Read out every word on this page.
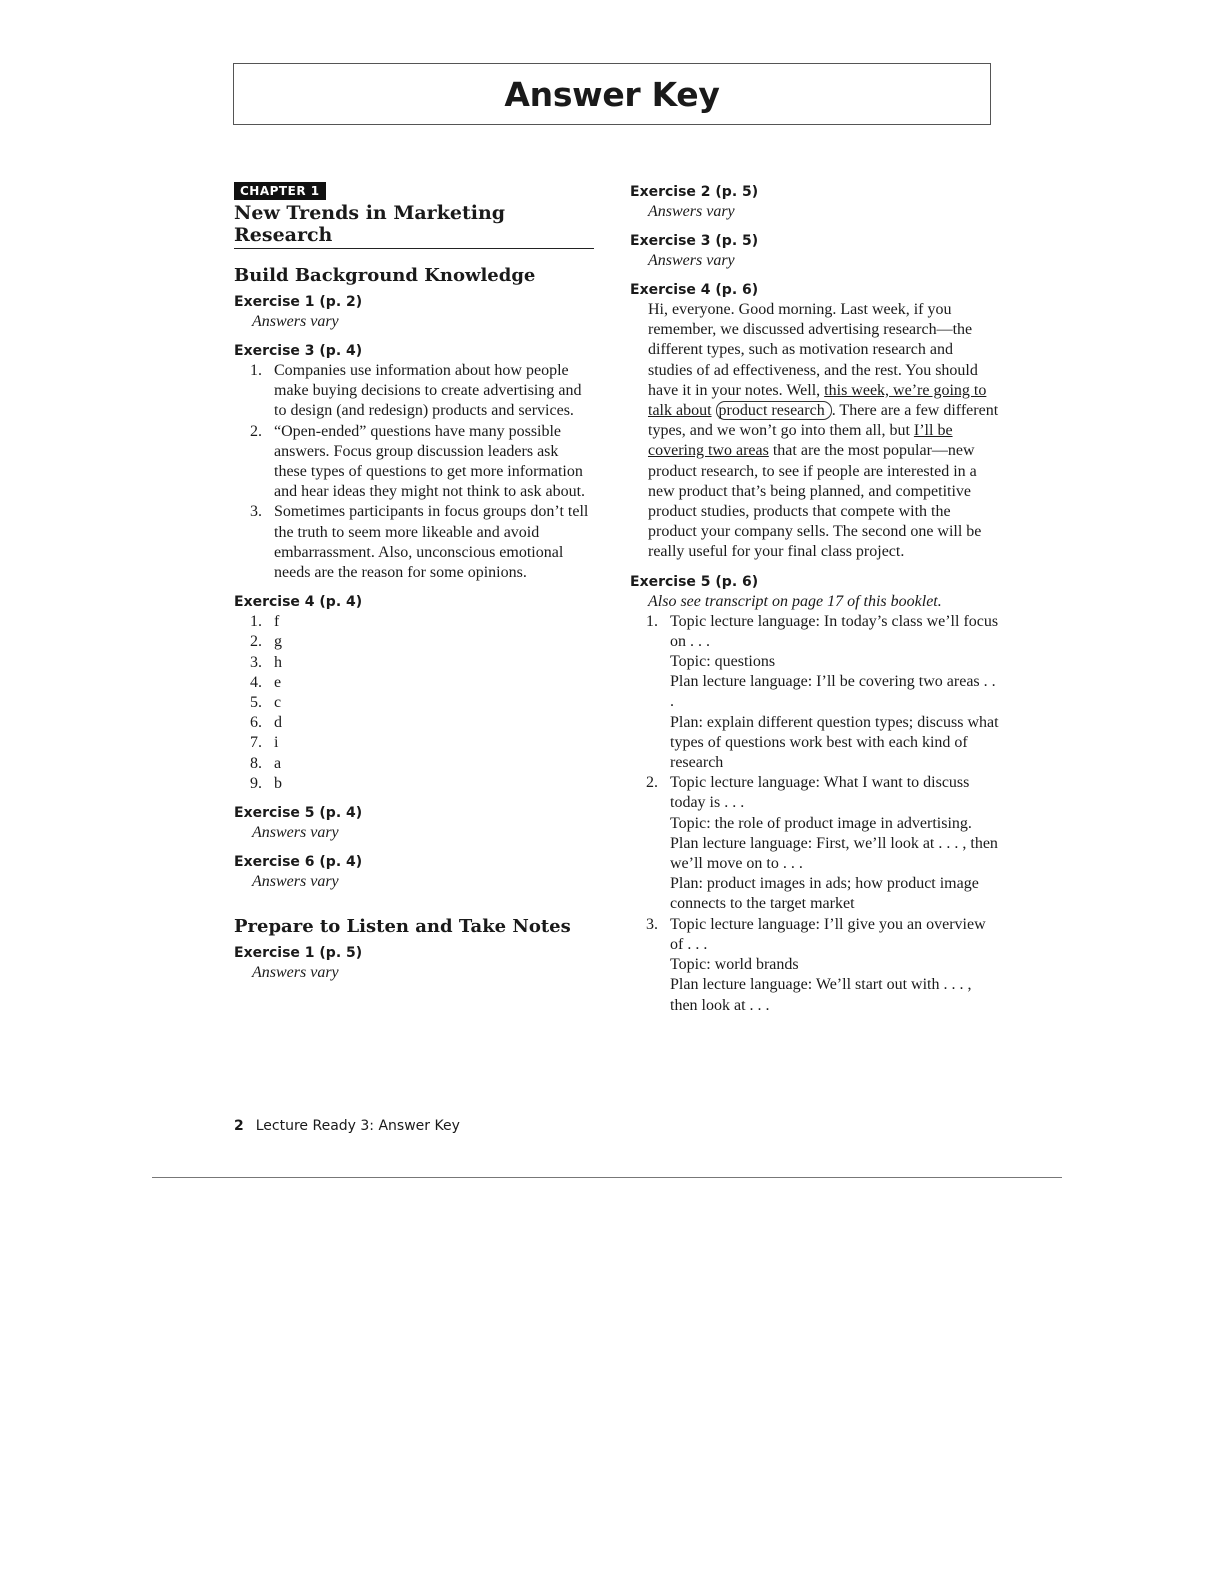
Answer Key
CHAPTER 1
New Trends in Marketing Research
Build Background Knowledge
Exercise 1 (p. 2)
Answers vary
Exercise 3 (p. 4)
1. Companies use information about how people make buying decisions to create advertising and to design (and redesign) products and services.
2. “Open-ended” questions have many possible answers. Focus group discussion leaders ask these types of questions to get more information and hear ideas they might not think to ask about.
3. Sometimes participants in focus groups don’t tell the truth to seem more likeable and avoid embarrassment. Also, unconscious emotional needs are the reason for some opinions.
Exercise 4 (p. 4)
1. f
2. g
3. h
4. e
5. c
6. d
7. i
8. a
9. b
Exercise 5 (p. 4)
Answers vary
Exercise 6 (p. 4)
Answers vary
Prepare to Listen and Take Notes
Exercise 1 (p. 5)
Answers vary
Exercise 2 (p. 5)
Answers vary
Exercise 3 (p. 5)
Answers vary
Exercise 4 (p. 6)
Hi, everyone. Good morning. Last week, if you remember, we discussed advertising research—the different types, such as motivation research and studies of ad effectiveness, and the rest. You should have it in your notes. Well, this week, we’re going to talk about product research . There are a few different types, and we won’t go into them all, but I’ll be covering two areas that are the most popular—new product research, to see if people are interested in a new product that’s being planned, and competitive product studies, products that compete with the product your company sells. The second one will be really useful for your final class project.
Exercise 5 (p. 6)
Also see transcript on page 17 of this booklet.
1. Topic lecture language: In today’s class we’ll focus on . . .
Topic: questions
Plan lecture language: I’ll be covering two areas . . .
Plan: explain different question types; discuss what types of questions work best with each kind of research
2. Topic lecture language: What I want to discuss today is . . .
Topic: the role of product image in advertising.
Plan lecture language: First, we’ll look at . . . , then we’ll move on to . . .
Plan: product images in ads; how product image connects to the target market
3. Topic lecture language: I’ll give you an overview of . . .
Topic: world brands
Plan lecture language: We’ll start out with . . . , then look at . . .
2 Lecture Ready 3: Answer Key
